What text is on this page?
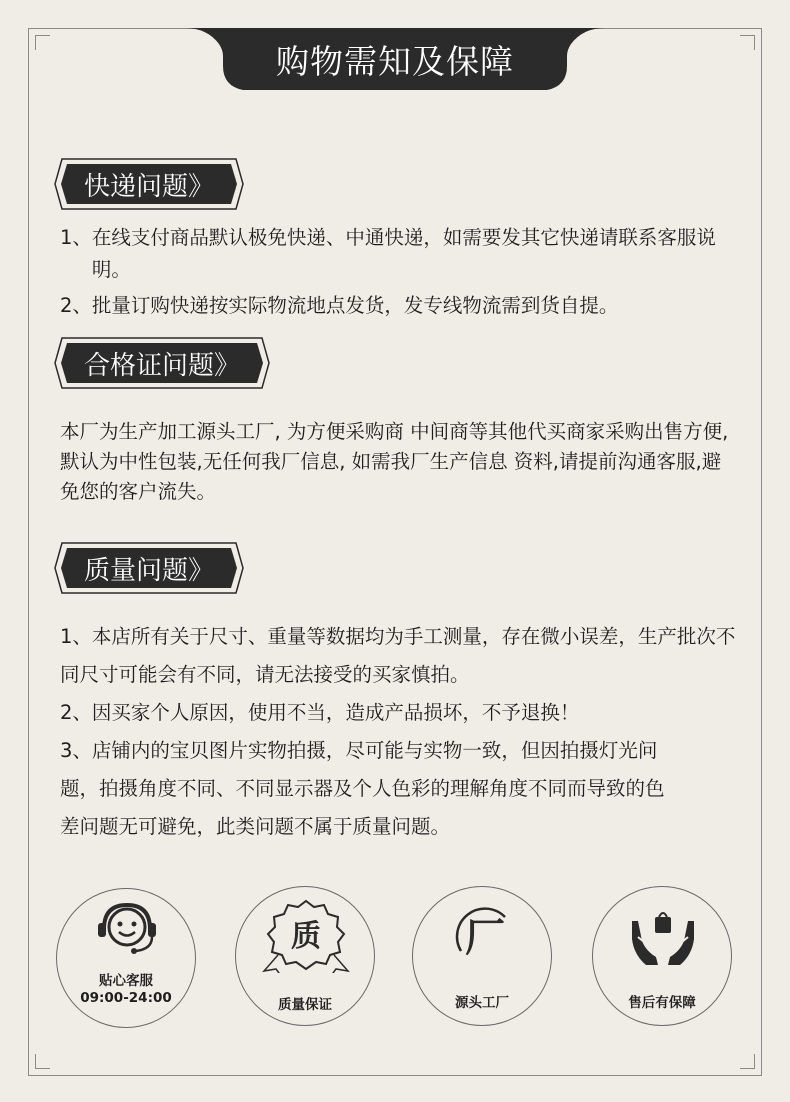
购物需知及保障
快递问题》
1、 在线支付商品默认极免快递、中通快递，如需要发其它快递请联系客服说明。
2、 批量订购快递按实际物流地点发货，发专线物流需到货自提。
合格证问题》
本厂为生产加工源头工厂, 为方便采购商 中间商等其他代买商家采购出售方便, 默认为中性包装,无任何我厂信息, 如需我厂生产信息 资料,请提前沟通客服,避免您的客户流失。
质量问题》
1、本店所有关于尺寸、重量等数据均为手工测量，存在微小误差，生产批次不同尺寸可能会有不同，请无法接受的买家慎拍。
2、因买家个人原因，使用不当，造成产品损坏，不予退换！
3、店铺内的宝贝图片实物拍摄，尽可能与实物一致，但因拍摄灯光问题，拍摄角度不同、不同显示器及个人色彩的理解角度不同而导致的色差问题无可避免，此类问题不属于质量问题。
贴心客服
09:00-24:00
质
质量保证
厂
源头工厂	售后有保障
